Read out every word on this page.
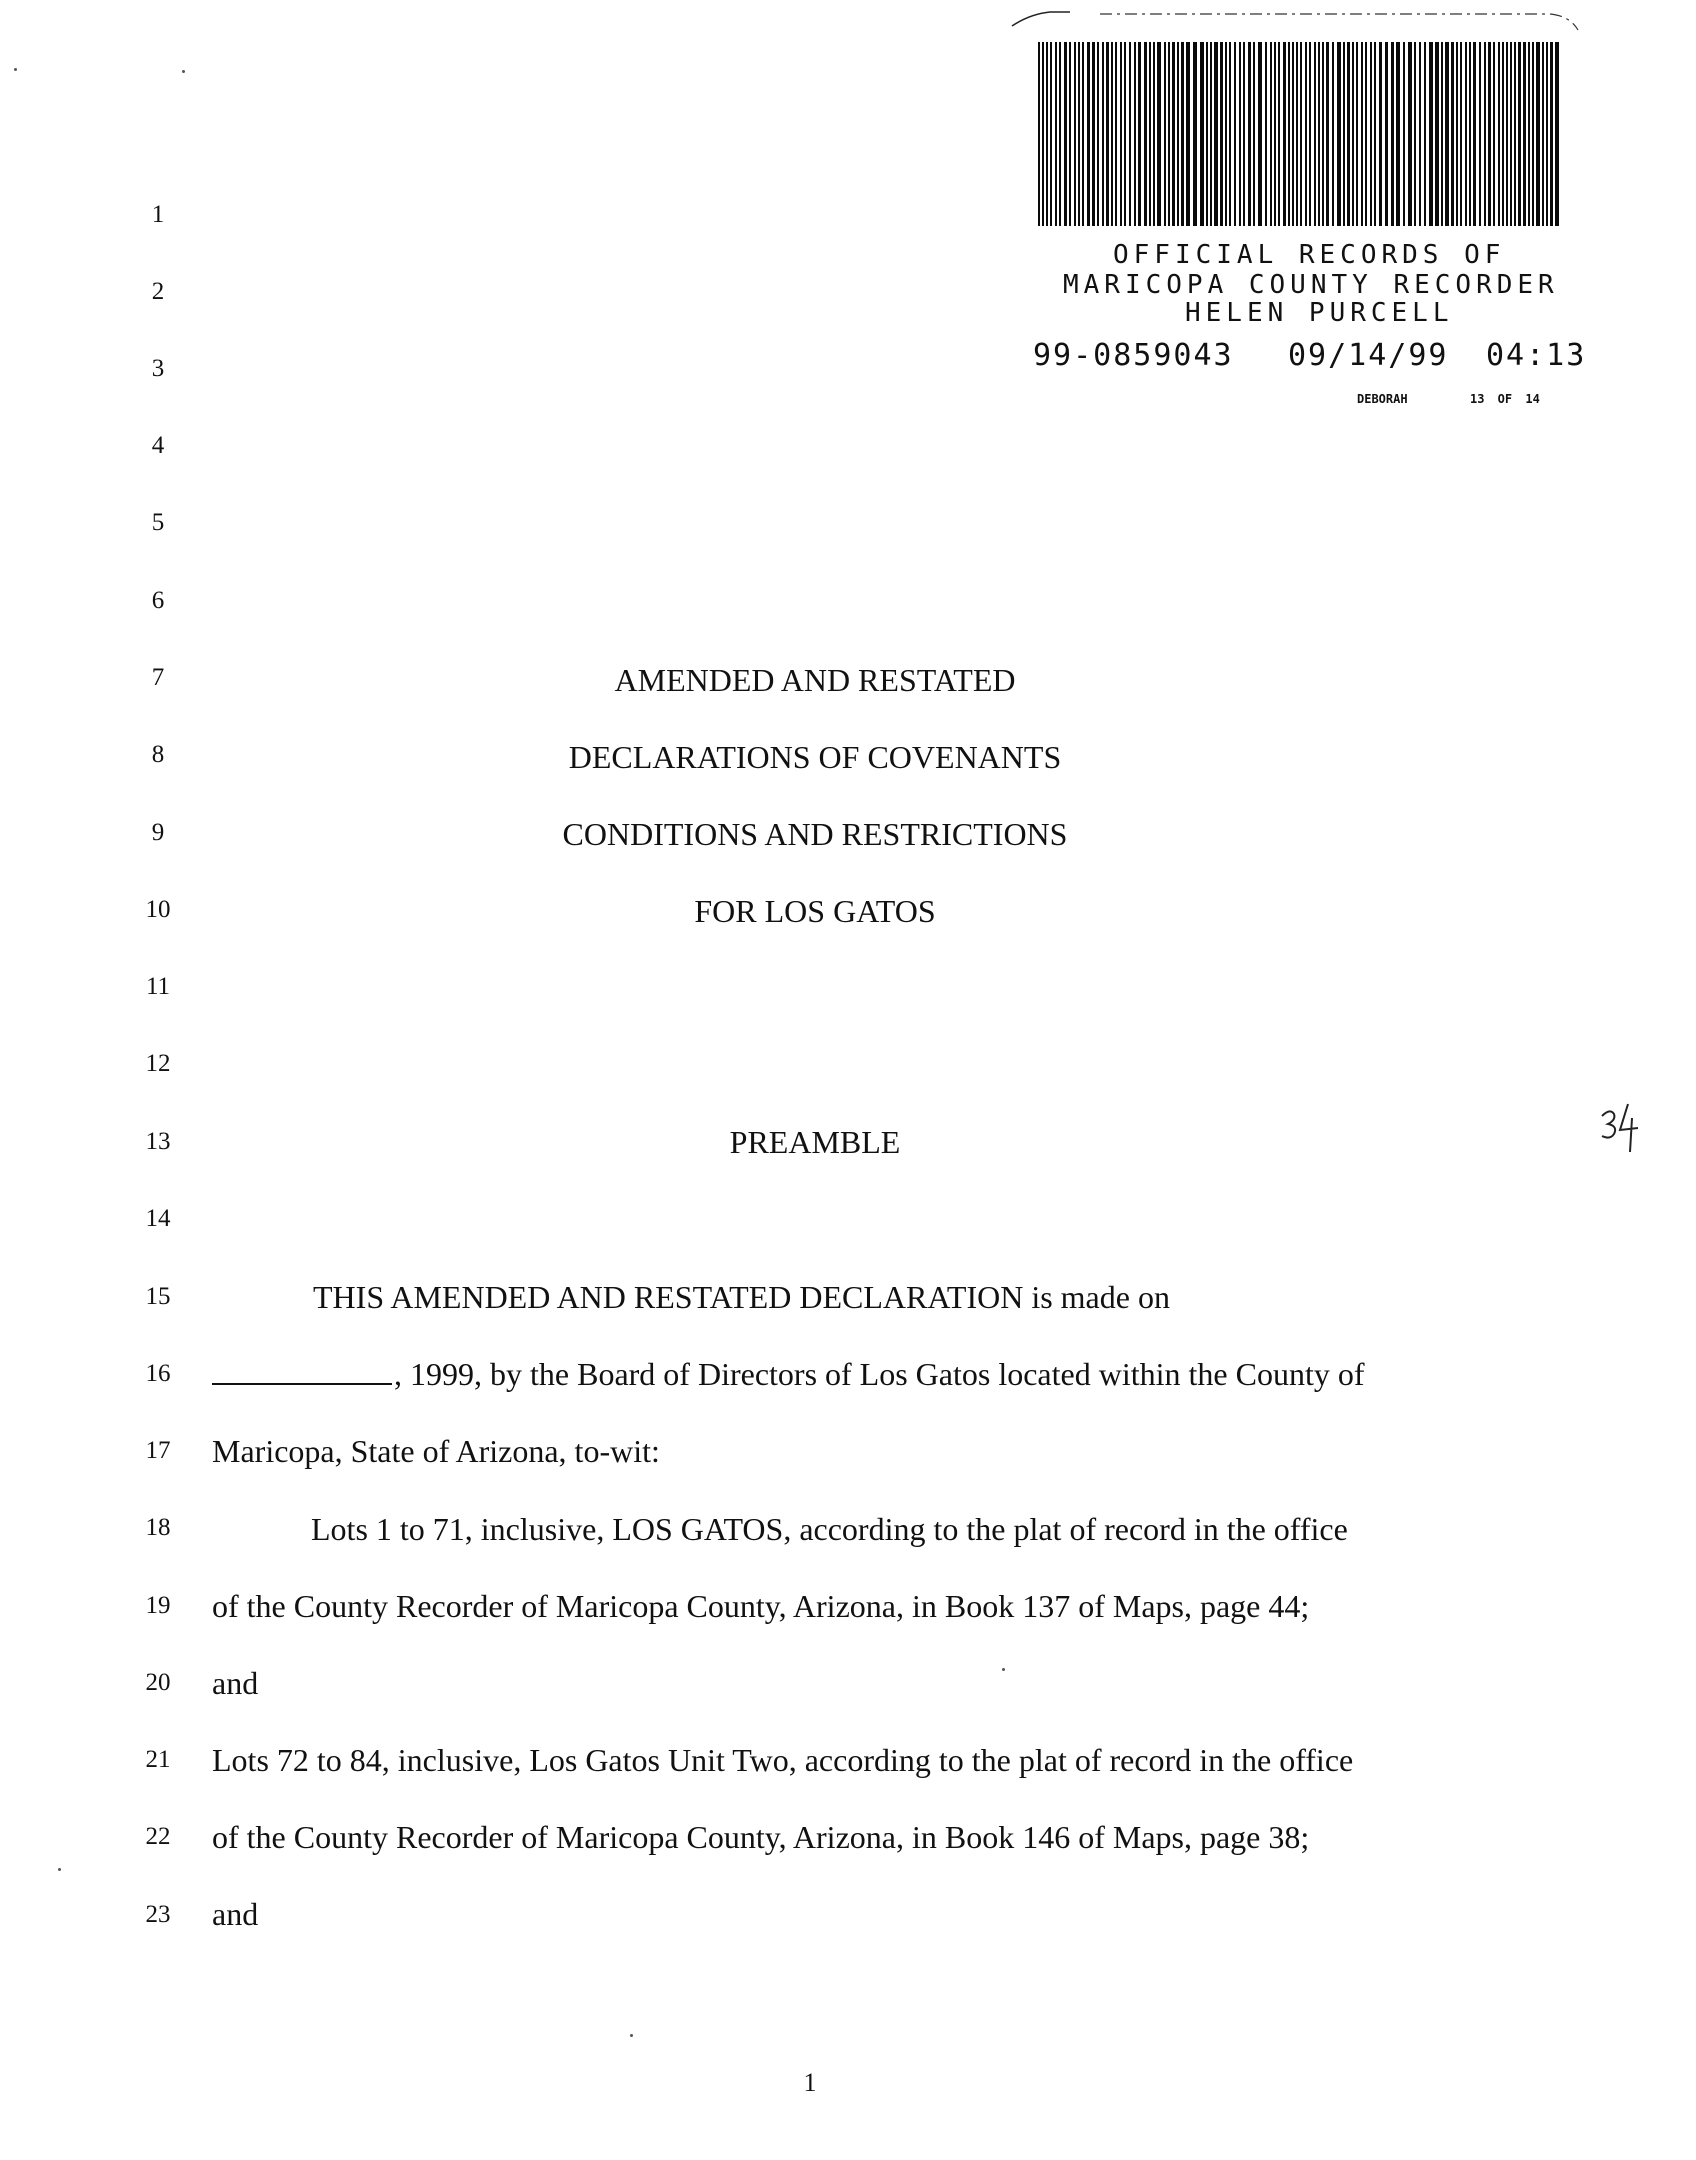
OFFICIAL RECORDS OF
MARICOPA COUNTY RECORDER
HELEN PURCELL
99-0859043 09/14/99 04:13
DEBORAH	13 OF 14
1
2
3
4
5
6
7
8
9
10
11
12
13
14
15
16
17
18
19
20
21
22
23
AMENDED AND RESTATED
DECLARATIONS OF COVENANTS
CONDITIONS AND RESTRICTIONS
FOR LOS GATOS
PREAMBLE
THIS AMENDED AND RESTATED DECLARATION is made on
, 1999, by the Board of Directors of Los Gatos located within the County of
Maricopa, State of Arizona, to-wit:
Lots 1 to 71, inclusive, LOS GATOS, according to the plat of record in the office
of the County Recorder of Maricopa County, Arizona, in Book 137 of Maps, page 44;
and
Lots 72 to 84, inclusive, Los Gatos Unit Two, according to the plat of record in the office
of the County Recorder of Maricopa County, Arizona, in Book 146 of Maps, page 38;
and
1
